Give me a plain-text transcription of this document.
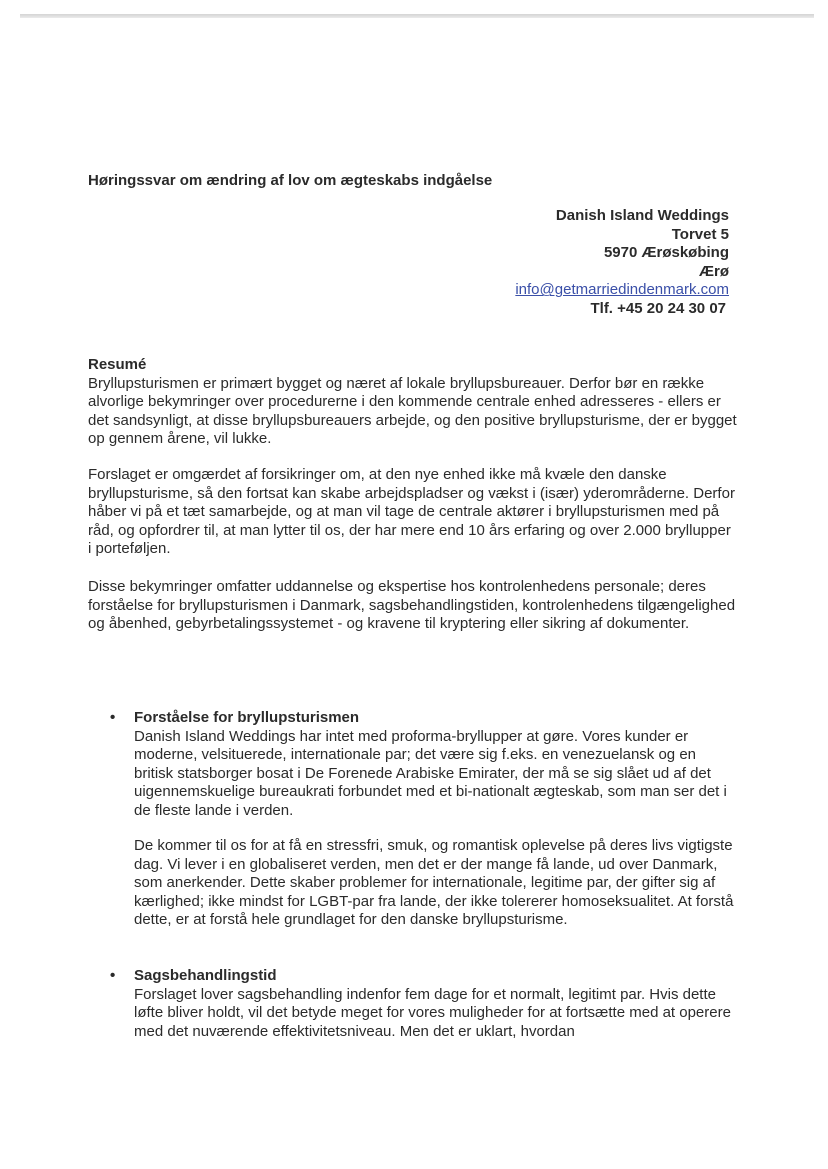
Høringssvar om ændring af lov om ægteskabs indgåelse
Danish Island Weddings
Torvet 5
5970 Ærøskøbing
Ærø
info@getmarriedindenmark.com
Tlf. +45 20 24 30 07

Resumé

Bryllupsturismen er primært bygget og næret af lokale bryllupsbureauer. Derfor bør en række alvorlige bekymringer over procedurerne i den kommende centrale enhed adresseres - ellers er det sandsynligt, at disse bryllupsbureauers arbejde, og den positive bryllupsturisme, der er bygget op gennem årene, vil lukke.

Forslaget er omgærdet af forsikringer om, at den nye enhed ikke må kvæle den danske bryllupsturisme, så den fortsat kan skabe arbejdspladser og vækst i (især) yderområderne. Derfor håber vi på et tæt samarbejde, og at man vil tage de centrale aktører i bryllupsturismen med på råd, og opfordrer til, at man lytter til os, der har mere end 10 års erfaring og over 2.000 bryllupper i porteføljen.

Disse bekymringer omfatter uddannelse og ekspertise hos kontrolenhedens personale; deres forståelse for bryllupsturismen i Danmark, sagsbehandlingstiden, kontrolenhedens tilgængelighed og åbenhed, gebyrbetalingssystemet - og kravene til kryptering eller sikring af dokumenter.

• Forståelse for bryllupsturismen

Danish Island Weddings har intet med proforma-bryllupper at gøre. Vores kunder er moderne, velsituerede, internationale par; det være sig f.eks. en venezuelansk og en britisk statsborger bosat i De Forenede Arabiske Emirater, der må se sig slået ud af det uigennemskuelige bureaukrati forbundet med et bi-nationalt ægteskab, som man ser det i de fleste lande i verden.

De kommer til os for at få en stressfri, smuk, og romantisk oplevelse på deres livs vigtigste dag. Vi lever i en globaliseret verden, men det er der mange få lande, ud over Danmark, som anerkender. Dette skaber problemer for internationale, legitime par, der gifter sig af kærlighed; ikke mindst for LGBT-par fra lande, der ikke tolererer homoseksualitet. At forstå dette, er at forstå hele grundlaget for den danske bryllupsturisme.

• Sagsbehandlingstid

Forslaget lover sagsbehandling indenfor fem dage for et normalt, legitimt par. Hvis dette løfte bliver holdt, vil det betyde meget for vores muligheder for at fortsætte med at operere med det nuværende effektivitetsniveau. Men det er uklart, hvordan
